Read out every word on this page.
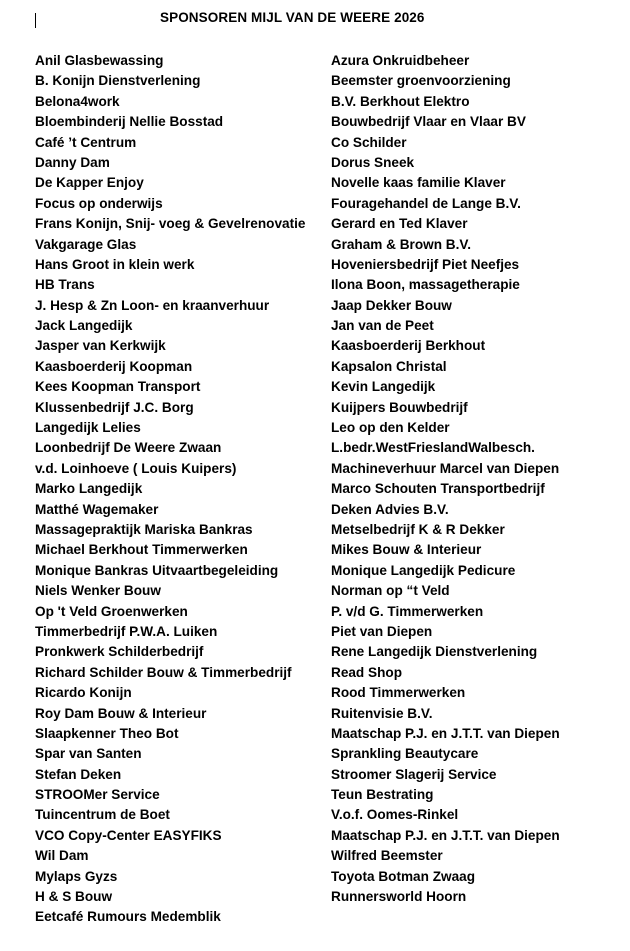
SPONSOREN MIJL VAN DE WEERE 2026
Anil Glasbewassing
B. Konijn Dienstverlening
Belona4work
Bloembinderij Nellie Bosstad
Café ’t Centrum
Danny Dam
De Kapper Enjoy
Focus op onderwijs
Frans Konijn, Snij- voeg & Gevelrenovatie
Vakgarage Glas
Hans Groot in klein werk
HB Trans
J. Hesp & Zn Loon- en kraanverhuur
Jack Langedijk
Jasper van Kerkwijk
Kaasboerderij Koopman
Kees Koopman Transport
Klussenbedrijf J.C. Borg
Langedijk Lelies
Loonbedrijf De Weere Zwaan
v.d. Loinhoeve ( Louis Kuipers)
Marko Langedijk
Matthé Wagemaker
Massagepraktijk Mariska Bankras
Michael Berkhout Timmerwerken
Monique Bankras Uitvaartbegeleiding
Niels Wenker Bouw
Op 't Veld Groenwerken
Timmerbedrijf P.W.A. Luiken
Pronkwerk Schilderbedrijf
Richard Schilder Bouw & Timmerbedrijf
Ricardo Konijn
Roy Dam Bouw & Interieur
Slaapkenner Theo Bot
Spar van Santen
Stefan Deken
STROOMer Service
Tuincentrum de Boet
VCO Copy-Center EASYFIKS
Wil Dam
Mylaps Gyzs
H & S Bouw
Eetcafé Rumours Medemblik
Azura Onkruidbeheer
Beemster groenvoorziening
B.V. Berkhout Elektro
Bouwbedrijf Vlaar en Vlaar BV
Co Schilder
Dorus Sneek
Novelle kaas familie Klaver
Fouragehandel de Lange B.V.
Gerard en Ted Klaver
Graham & Brown B.V.
Hoveniersbedrijf Piet Neefjes
Ilona Boon, massagetherapie
Jaap Dekker Bouw
Jan van de Peet
Kaasboerderij Berkhout
Kapsalon Christal
Kevin Langedijk
Kuijpers Bouwbedrijf
Leo op den Kelder
L.bedr.WestFrieslandWalbesch.
Machineverhuur Marcel van Diepen
Marco Schouten Transportbedrijf
Deken Advies B.V.
Metselbedrijf K & R Dekker
Mikes Bouw & Interieur
Monique Langedijk Pedicure
Norman op “t Veld
P. v/d G. Timmerwerken
Piet van Diepen
Rene Langedijk Dienstverlening
Read Shop
Rood Timmerwerken
Ruitenvisie B.V.
Maatschap P.J. en J.T.T. van Diepen
Sprankling Beautycare
Stroomer Slagerij Service
Teun Bestrating
V.o.f. Oomes-Rinkel
Maatschap P.J. en J.T.T. van Diepen
Wilfred Beemster
Toyota Botman Zwaag
Runnersworld Hoorn
